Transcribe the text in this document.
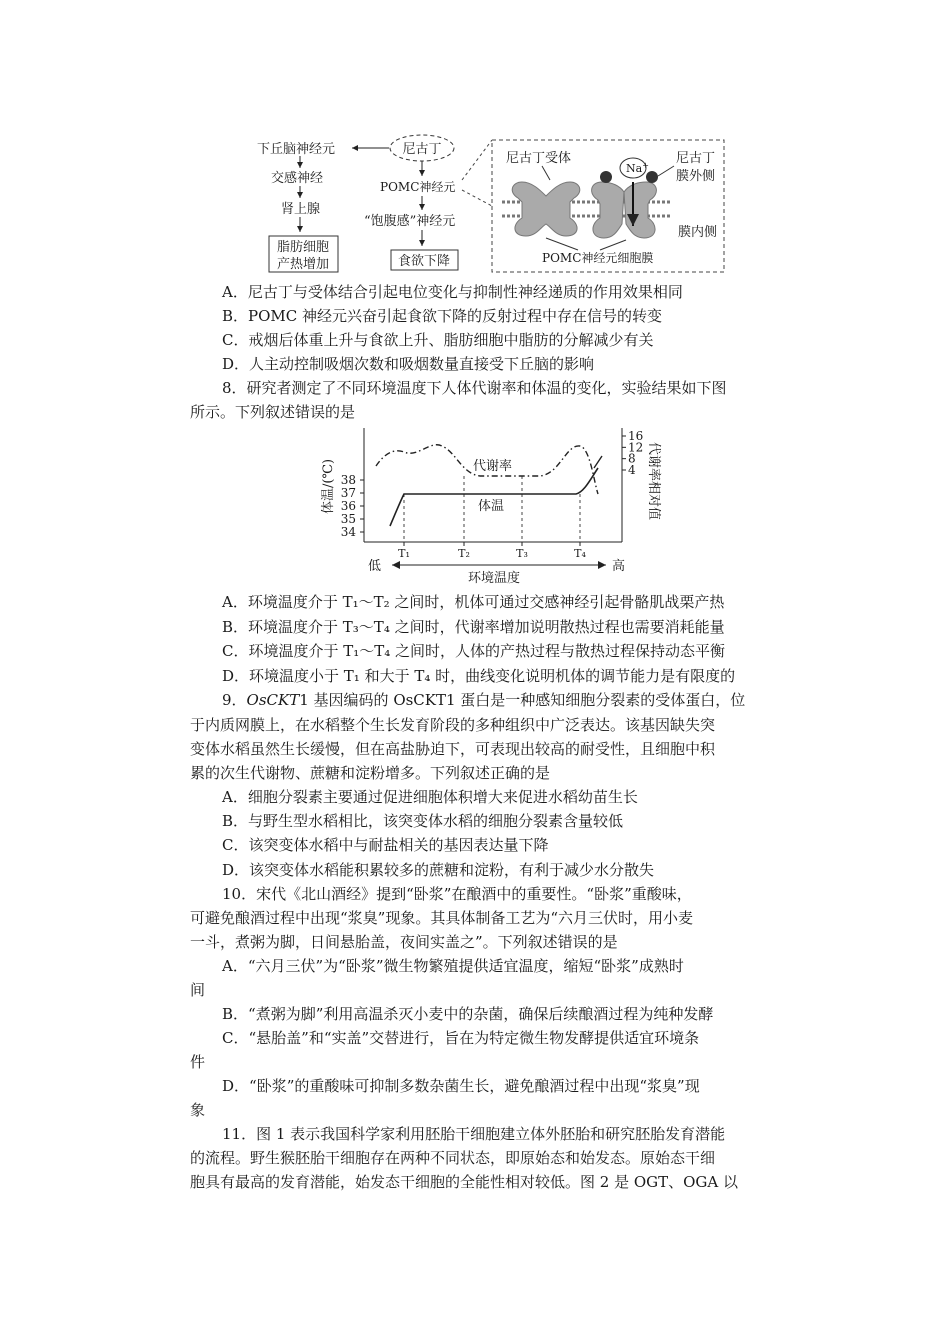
尼古丁
下丘脑神经元
交感神经
肾上腺
脂肪细胞
产热增加
POMC神经元
“饱腹感”神经元
食欲下降
尼古丁受体
Na+ 尼古丁
膜外侧
膜内侧
POMC神经元细胞膜
A．尼古丁与受体结合引起电位变化与抑制性神经递质的作用效果相同
B．POMC 神经元兴奋引起食欲下降的反射过程中存在信号的转变
C．戒烟后体重上升与食欲上升、脂肪细胞中脂肪的分解减少有关
D．人主动控制吸烟次数和吸烟数量直接受下丘脑的影响
8．研究者测定了不同环境温度下人体代谢率和体温的变化，实验结果如下图
所示。下列叙述错误的是
体温/(℃)	代谢率相对值
34
35
36
37
38
4
8
12
16
T₁	T₂	T₃	T₄
代谢率
体温
低	高
环境温度
A．环境温度介于 T₁～T₂ 之间时，机体可通过交感神经引起骨骼肌战栗产热
B．环境温度介于 T₃～T₄ 之间时，代谢率增加说明散热过程也需要消耗能量
C．环境温度介于 T₁～T₄ 之间时，人体的产热过程与散热过程保持动态平衡
D．环境温度小于 T₁ 和大于 T₄ 时，曲线变化说明机体的调节能力是有限度的
9．OsCKT1 基因编码的 OsCKT1 蛋白是一种感知细胞分裂素的受体蛋白，位
于内质网膜上，在水稻整个生长发育阶段的多种组织中广泛表达。该基因缺失突
变体水稻虽然生长缓慢，但在高盐胁迫下，可表现出较高的耐受性，且细胞中积
累的次生代谢物、蔗糖和淀粉增多。下列叙述正确的是
A．细胞分裂素主要通过促进细胞体积增大来促进水稻幼苗生长
B．与野生型水稻相比，该突变体水稻的细胞分裂素含量较低
C．该突变体水稻中与耐盐相关的基因表达量下降
D．该突变体水稻能积累较多的蔗糖和淀粉，有利于减少水分散失
10．宋代《北山酒经》提到“卧浆”在酿酒中的重要性。“卧浆”重酸味，
可避免酿酒过程中出现“浆臭”现象。其具体制备工艺为“六月三伏时，用小麦
一斗，煮粥为脚，日间悬胎盖，夜间实盖之”。下列叙述错误的是
A．“六月三伏”为“卧浆”微生物繁殖提供适宜温度，缩短“卧浆”成熟时
间
B．“煮粥为脚”利用高温杀灭小麦中的杂菌，确保后续酿酒过程为纯种发酵
C．“悬胎盖”和“实盖”交替进行，旨在为特定微生物发酵提供适宜环境条
件
D．“卧浆”的重酸味可抑制多数杂菌生长，避免酿酒过程中出现“浆臭”现
象
11．图 1 表示我国科学家利用胚胎干细胞建立体外胚胎和研究胚胎发育潜能
的流程。野生猴胚胎干细胞存在两种不同状态，即原始态和始发态。原始态干细
胞具有最高的发育潜能，始发态干细胞的全能性相对较低。图 2 是 OGT、OGA 以
